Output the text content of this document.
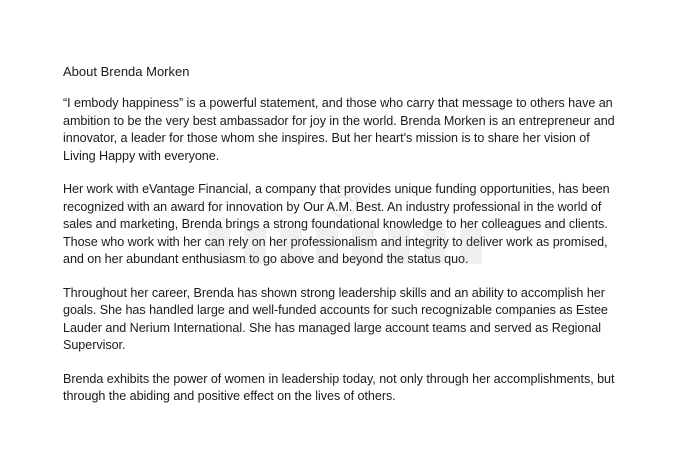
About Brenda Morken

“I embody happiness” is a powerful statement, and those who carry that message to others have an ambition to be the very best ambassador for joy in the world. Brenda Morken is an entrepreneur and innovator, a leader for those whom she inspires. But her heart's mission is to share her vision of Living Happy with everyone.

Her work with eVantage Financial, a company that provides unique funding opportunities, has been recognized with an award for innovation by Our A.M. Best. An industry professional in the world of sales and marketing, Brenda brings a strong foundational knowledge to her colleagues and clients. Those who work with her can rely on her professionalism and integrity to deliver work as promised, and on her abundant enthusiasm to go above and beyond the status quo.

Throughout her career, Brenda has shown strong leadership skills and an ability to accomplish her goals. She has handled large and well-funded accounts for such recognizable companies as Estee Lauder and Nerium International. She has managed large account teams and served as Regional Supervisor.

Brenda exhibits the power of women in leadership today, not only through her accomplishments, but through the abiding and positive effect on the lives of others.
